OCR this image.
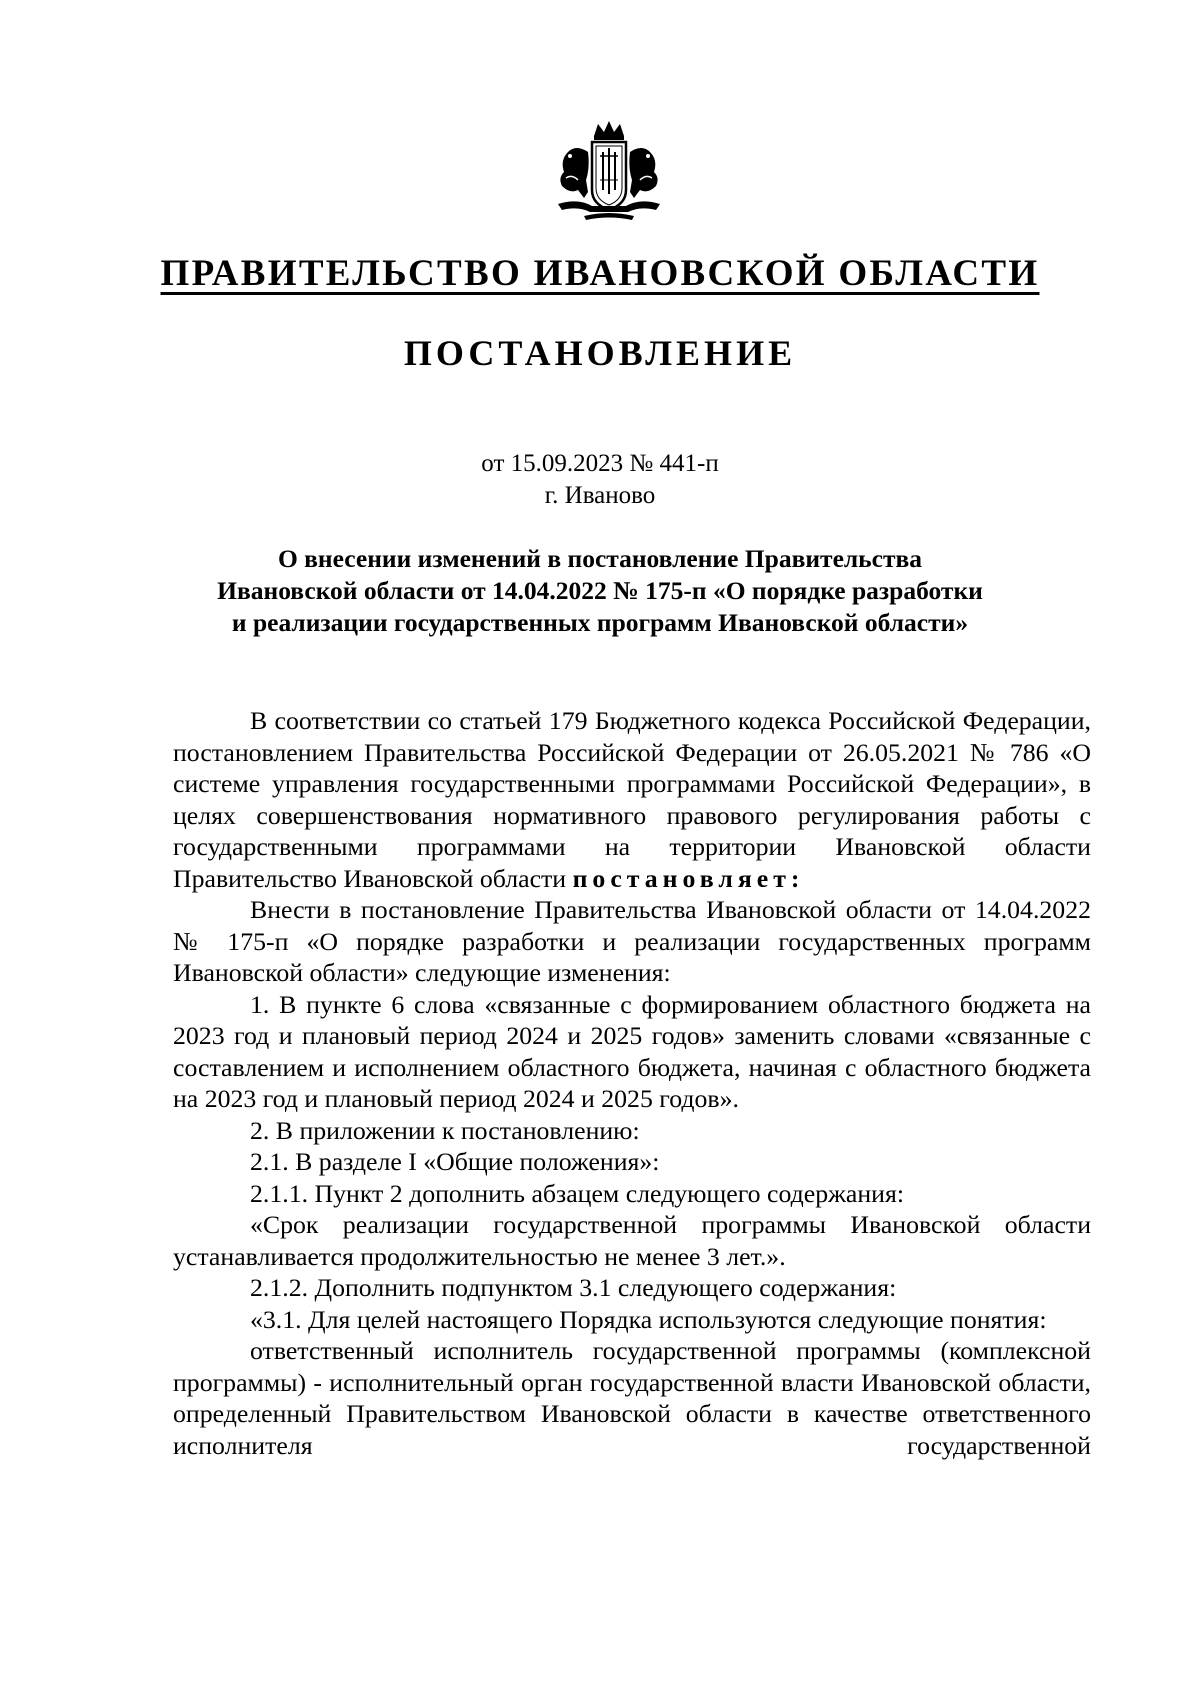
ПРАВИТЕЛЬСТВО ИВАНОВСКОЙ ОБЛАСТИ
ПОСТАНОВЛЕНИЕ
от 15.09.2023 № 441-п
г. Иваново
О внесении изменений в постановление Правительства
Ивановской области от 14.04.2022 № 175-п «О порядке разработки
и реализации государственных программ Ивановской области»

В соответствии со статьей 179 Бюджетного кодекса Российской Федерации, постановлением Правительства Российской Федерации от 26.05.2021 № 786 «О системе управления государственными программами Российской Федерации», в целях совершенствования нормативного правового регулирования работы с государственными программами на территории Ивановской области Правительство Ивановской области постановляет:

Внести в постановление Правительства Ивановской области от 14.04.2022 № 175-п «О порядке разработки и реализации государственных программ Ивановской области» следующие изменения:

1. В пункте 6 слова «связанные с формированием областного бюджета на 2023 год и плановый период 2024 и 2025 годов» заменить словами «связанные с составлением и исполнением областного бюджета, начиная с областного бюджета на 2023 год и плановый период 2024 и 2025 годов».

2. В приложении к постановлению:

2.1. В разделе I «Общие положения»:

2.1.1. Пункт 2 дополнить абзацем следующего содержания:

«Срок реализации государственной программы Ивановской области устанавливается продолжительностью не менее 3 лет.».

2.1.2. Дополнить подпунктом 3.1 следующего содержания:

«3.1. Для целей настоящего Порядка используются следующие понятия:

ответственный исполнитель государственной программы (комплексной программы) - исполнительный орган государственной власти Ивановской области, определенный Правительством Ивановской области в качестве ответственного исполнителя государственной
